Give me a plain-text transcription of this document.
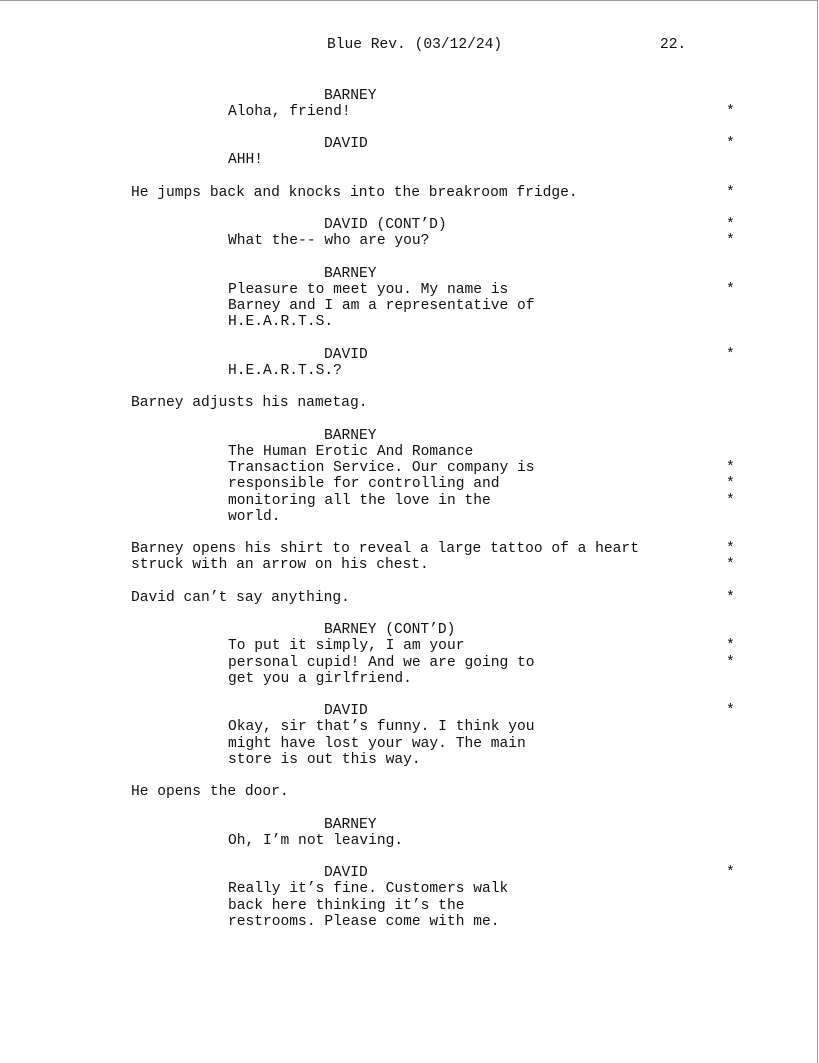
Blue Rev. (03/12/24)	22.
BARNEY
Aloha, friend!	*
DAVID	*
AHH!
He jumps back and knocks into the breakroom fridge.	*
DAVID (CONT’D)	*
What the-- who are you?	*
BARNEY
Pleasure to meet you. My name is	*
Barney and I am a representative of
H.E.A.R.T.S.
DAVID	*
H.E.A.R.T.S.?
Barney adjusts his nametag.
BARNEY
The Human Erotic And Romance
Transaction Service. Our company is	*
responsible for controlling and	*
monitoring all the love in the	*
world.
Barney opens his shirt to reveal a large tattoo of a heart	*
struck with an arrow on his chest.	*
David can’t say anything.	*
BARNEY (CONT’D)
To put it simply, I am your	*
personal cupid! And we are going to	*
get you a girlfriend.
DAVID	*
Okay, sir that’s funny. I think you
might have lost your way. The main
store is out this way.
He opens the door.
BARNEY
Oh, I’m not leaving.
DAVID	*
Really it’s fine. Customers walk
back here thinking it’s the
restrooms. Please come with me.
